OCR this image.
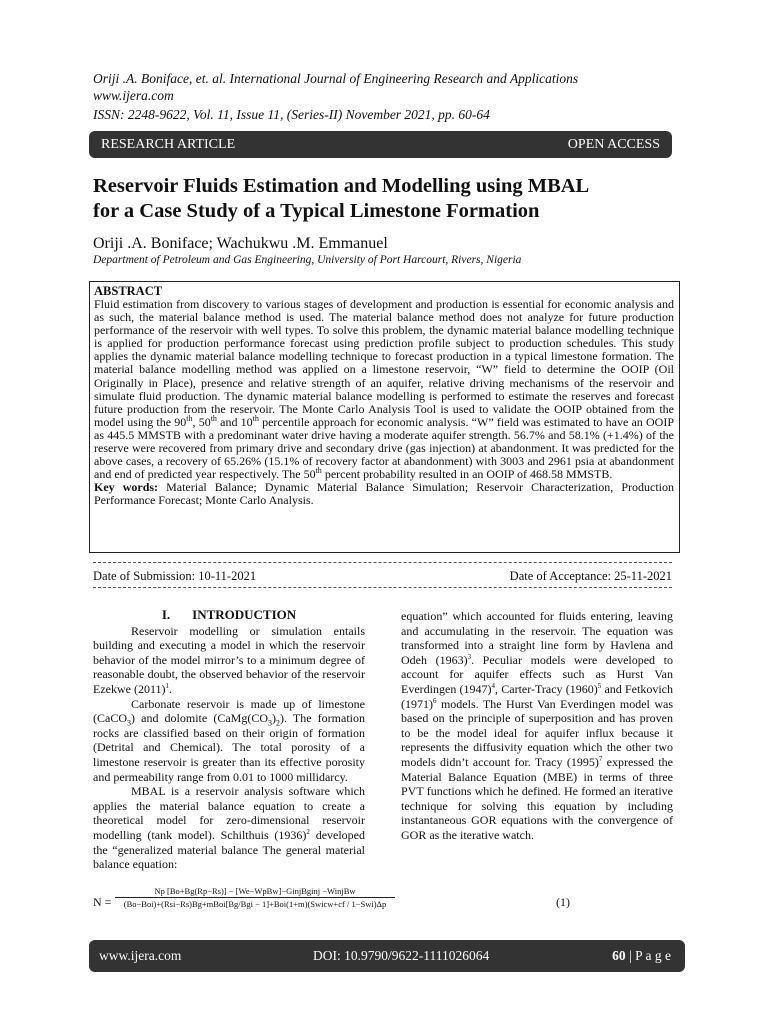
Oriji .A. Boniface, et. al. International Journal of Engineering Research and Applications
www.ijera.com
ISSN: 2248-9622, Vol. 11, Issue 11, (Series-II) November 2021, pp. 60-64
RESEARCH ARTICLE	OPEN ACCESS
Reservoir Fluids Estimation and Modelling using MBAL
for a Case Study of a Typical Limestone Formation
Oriji .A. Boniface; Wachukwu .M. Emmanuel
Department of Petroleum and Gas Engineering, University of Port Harcourt, Rivers, Nigeria
ABSTRACT

Fluid estimation from discovery to various stages of development and production is essential for economic analysis and as such, the material balance method is used. The material balance method does not analyze for future production performance of the reservoir with well types. To solve this problem, the dynamic material balance modelling technique is applied for production performance forecast using prediction profile subject to production schedules. This study applies the dynamic material balance modelling technique to forecast production in a typical limestone formation. The material balance modelling method was applied on a limestone reservoir, “W” field to determine the OOIP (Oil Originally in Place), presence and relative strength of an aquifer, relative driving mechanisms of the reservoir and simulate fluid production. The dynamic material balance modelling is performed to estimate the reserves and forecast future production from the reservoir. The Monte Carlo Analysis Tool is used to validate the OOIP obtained from the model using the 90th, 50th and 10th percentile approach for economic analysis. “W” field was estimated to have an OOIP as 445.5 MMSTB with a predominant water drive having a moderate aquifer strength. 56.7% and 58.1% (+1.4%) of the reserve were recovered from primary drive and secondary drive (gas injection) at abandonment. It was predicted for the above cases, a recovery of 65.26% (15.1% of recovery factor at abandonment) with 3003 and 2961 psia at abandonment and end of predicted year respectively. The 50th percent probability resulted in an OOIP of 468.58 MMSTB.

Key words: Material Balance; Dynamic Material Balance Simulation; Reservoir Characterization, Production Performance Forecast; Monte Carlo Analysis.

Date of Submission: 10-11-2021	Date of Acceptance: 25-11-2021

I. INTRODUCTION

Reservoir modelling or simulation entails building and executing a model in which the reservoir behavior of the model mirror’s to a minimum degree of reasonable doubt, the observed behavior of the reservoir Ezekwe $(2011)^1$.

Carbonate reservoir is made up of limestone (CaCO$_3$) and dolomite $(CaMg(CO_3)_2)$. The formation rocks are classified based on their origin of formation (Detrital and Chemical). The total porosity of a limestone reservoir is greater than its effective porosity and permeability range from 0.01 to 1000 millidarcy.

MBAL is a reservoir analysis software which applies the material balance equation to create a theoretical model for zero-dimensional reservoir modelling (tank model). Schilthuis $(1936)^2$ developed the “generalized material balance The general material balance equation:

equation” which accounted for fluids entering, leaving and accumulating in the reservoir. The equation was transformed into a straight line form by Havlena and Odeh $(1963)^3$. Peculiar models were developed to account for aquifer effects such as Hurst Van Everdingen $(1947)^4$, Carter-Tracy $(1960)^5$ and Fetkovich $(1971)^6$ models. The Hurst Van Everdingen model was based on the principle of superposition and has proven to be the model ideal for aquifer influx because it represents the diffusivity equation which the other two models didn’t account for. Tracy $(1995)^7$ expressed the Material Balance Equation (MBE) in terms of three PVT functions which he defined. He formed an iterative technique for solving this equation by including instantaneous GOR equations with the convergence of GOR as the iterative watch.

N =
Np [Bo+Bg(Rp−Rs)] − [We−WpBw]−GinjBginj −WinjBw
(Bo−Boi)+(Rsi−Rs)Bg+mBoi[Bg/Bgi − 1]+Boi(1+m)(Swicw+cf / 1−Swi)Δp	(1)
www.ijera.com	DOI: 10.9790/9622-1111026064	60 | P a g e
